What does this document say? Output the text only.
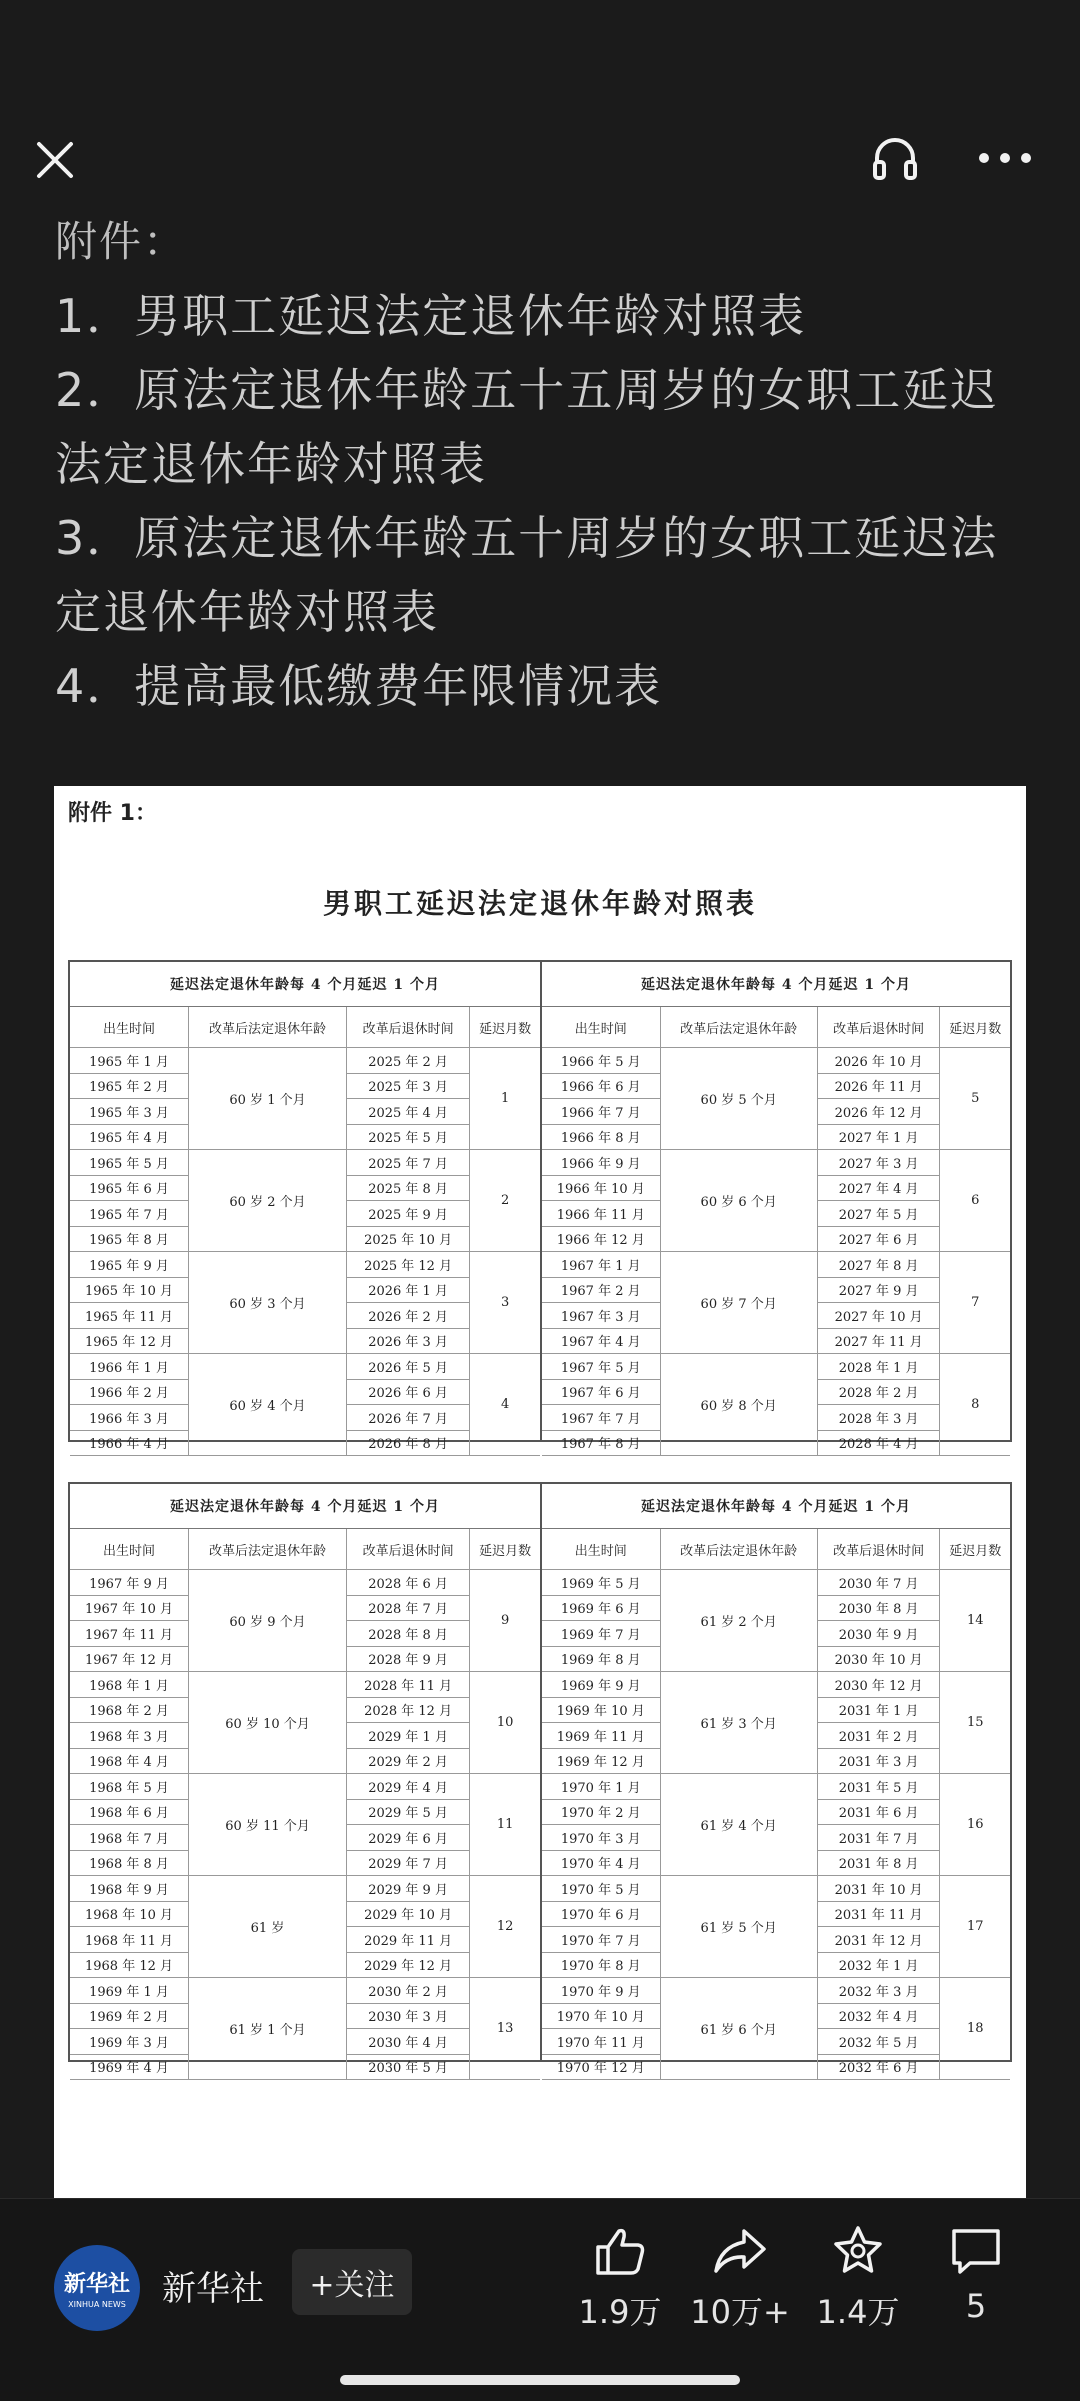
附件：
1．男职工延迟法定退休年龄对照表
2．原法定退休年龄五十五周岁的女职工延迟
法定退休年龄对照表
3．原法定退休年龄五十周岁的女职工延迟法
定退休年龄对照表
4．提高最低缴费年限情况表
附件 1：
男职工延迟法定退休年龄对照表
延迟法定退休年龄每 4 个月延迟 1 个月
出生时间	改革后法定退休年龄	改革后退休时间	延迟月数
1965 年 1 月	60 岁 1 个月	2025 年 2 月	1
1965 年 2 月		2025 年 3 月	
1965 年 3 月		2025 年 4 月	
1965 年 4 月		2025 年 5 月	
1965 年 5 月	60 岁 2 个月	2025 年 7 月	2
1965 年 6 月		2025 年 8 月	
1965 年 7 月		2025 年 9 月	
1965 年 8 月		2025 年 10 月	
1965 年 9 月	60 岁 3 个月	2025 年 12 月	3
1965 年 10 月		2026 年 1 月	
1965 年 11 月		2026 年 2 月	
1965 年 12 月		2026 年 3 月	
1966 年 1 月	60 岁 4 个月	2026 年 5 月	4
1966 年 2 月		2026 年 6 月	
1966 年 3 月		2026 年 7 月	
1966 年 4 月		2026 年 8 月	
延迟法定退休年龄每 4 个月延迟 1 个月
出生时间	改革后法定退休年龄	改革后退休时间	延迟月数
1966 年 5 月	60 岁 5 个月	2026 年 10 月	5
1966 年 6 月		2026 年 11 月	
1966 年 7 月		2026 年 12 月	
1966 年 8 月		2027 年 1 月	
1966 年 9 月	60 岁 6 个月	2027 年 3 月	6
1966 年 10 月		2027 年 4 月	
1966 年 11 月		2027 年 5 月	
1966 年 12 月		2027 年 6 月	
1967 年 1 月	60 岁 7 个月	2027 年 8 月	7
1967 年 2 月		2027 年 9 月	
1967 年 3 月		2027 年 10 月	
1967 年 4 月		2027 年 11 月	
1967 年 5 月	60 岁 8 个月	2028 年 1 月	8
1967 年 6 月		2028 年 2 月	
1967 年 7 月		2028 年 3 月	
1967 年 8 月		2028 年 4 月	
延迟法定退休年龄每 4 个月延迟 1 个月
出生时间	改革后法定退休年龄	改革后退休时间	延迟月数
1967 年 9 月	60 岁 9 个月	2028 年 6 月	9
1967 年 10 月		2028 年 7 月	
1967 年 11 月		2028 年 8 月	
1967 年 12 月		2028 年 9 月	
1968 年 1 月	60 岁 10 个月	2028 年 11 月	10
1968 年 2 月		2028 年 12 月	
1968 年 3 月		2029 年 1 月	
1968 年 4 月		2029 年 2 月	
1968 年 5 月	60 岁 11 个月	2029 年 4 月	11
1968 年 6 月		2029 年 5 月	
1968 年 7 月		2029 年 6 月	
1968 年 8 月		2029 年 7 月	
1968 年 9 月	61 岁	2029 年 9 月	12
1968 年 10 月		2029 年 10 月	
1968 年 11 月		2029 年 11 月	
1968 年 12 月		2029 年 12 月	
1969 年 1 月	61 岁 1 个月	2030 年 2 月	13
1969 年 2 月		2030 年 3 月	
1969 年 3 月		2030 年 4 月	
1969 年 4 月		2030 年 5 月	
延迟法定退休年龄每 4 个月延迟 1 个月
出生时间	改革后法定退休年龄	改革后退休时间	延迟月数
1969 年 5 月	61 岁 2 个月	2030 年 7 月	14
1969 年 6 月		2030 年 8 月	
1969 年 7 月		2030 年 9 月	
1969 年 8 月		2030 年 10 月	
1969 年 9 月	61 岁 3 个月	2030 年 12 月	15
1969 年 10 月		2031 年 1 月	
1969 年 11 月		2031 年 2 月	
1969 年 12 月		2031 年 3 月	
1970 年 1 月	61 岁 4 个月	2031 年 5 月	16
1970 年 2 月		2031 年 6 月	
1970 年 3 月		2031 年 7 月	
1970 年 4 月		2031 年 8 月	
1970 年 5 月	61 岁 5 个月	2031 年 10 月	17
1970 年 6 月		2031 年 11 月	
1970 年 7 月		2031 年 12 月	
1970 年 8 月		2032 年 1 月	
1970 年 9 月	61 岁 6 个月	2032 年 3 月	18
1970 年 10 月		2032 年 4 月	
1970 年 11 月		2032 年 5 月	
1970 年 12 月		2032 年 6 月	
新华社
XINHUA NEWS 新华社	+关注
1.9万 10万+ 1.4万	5
